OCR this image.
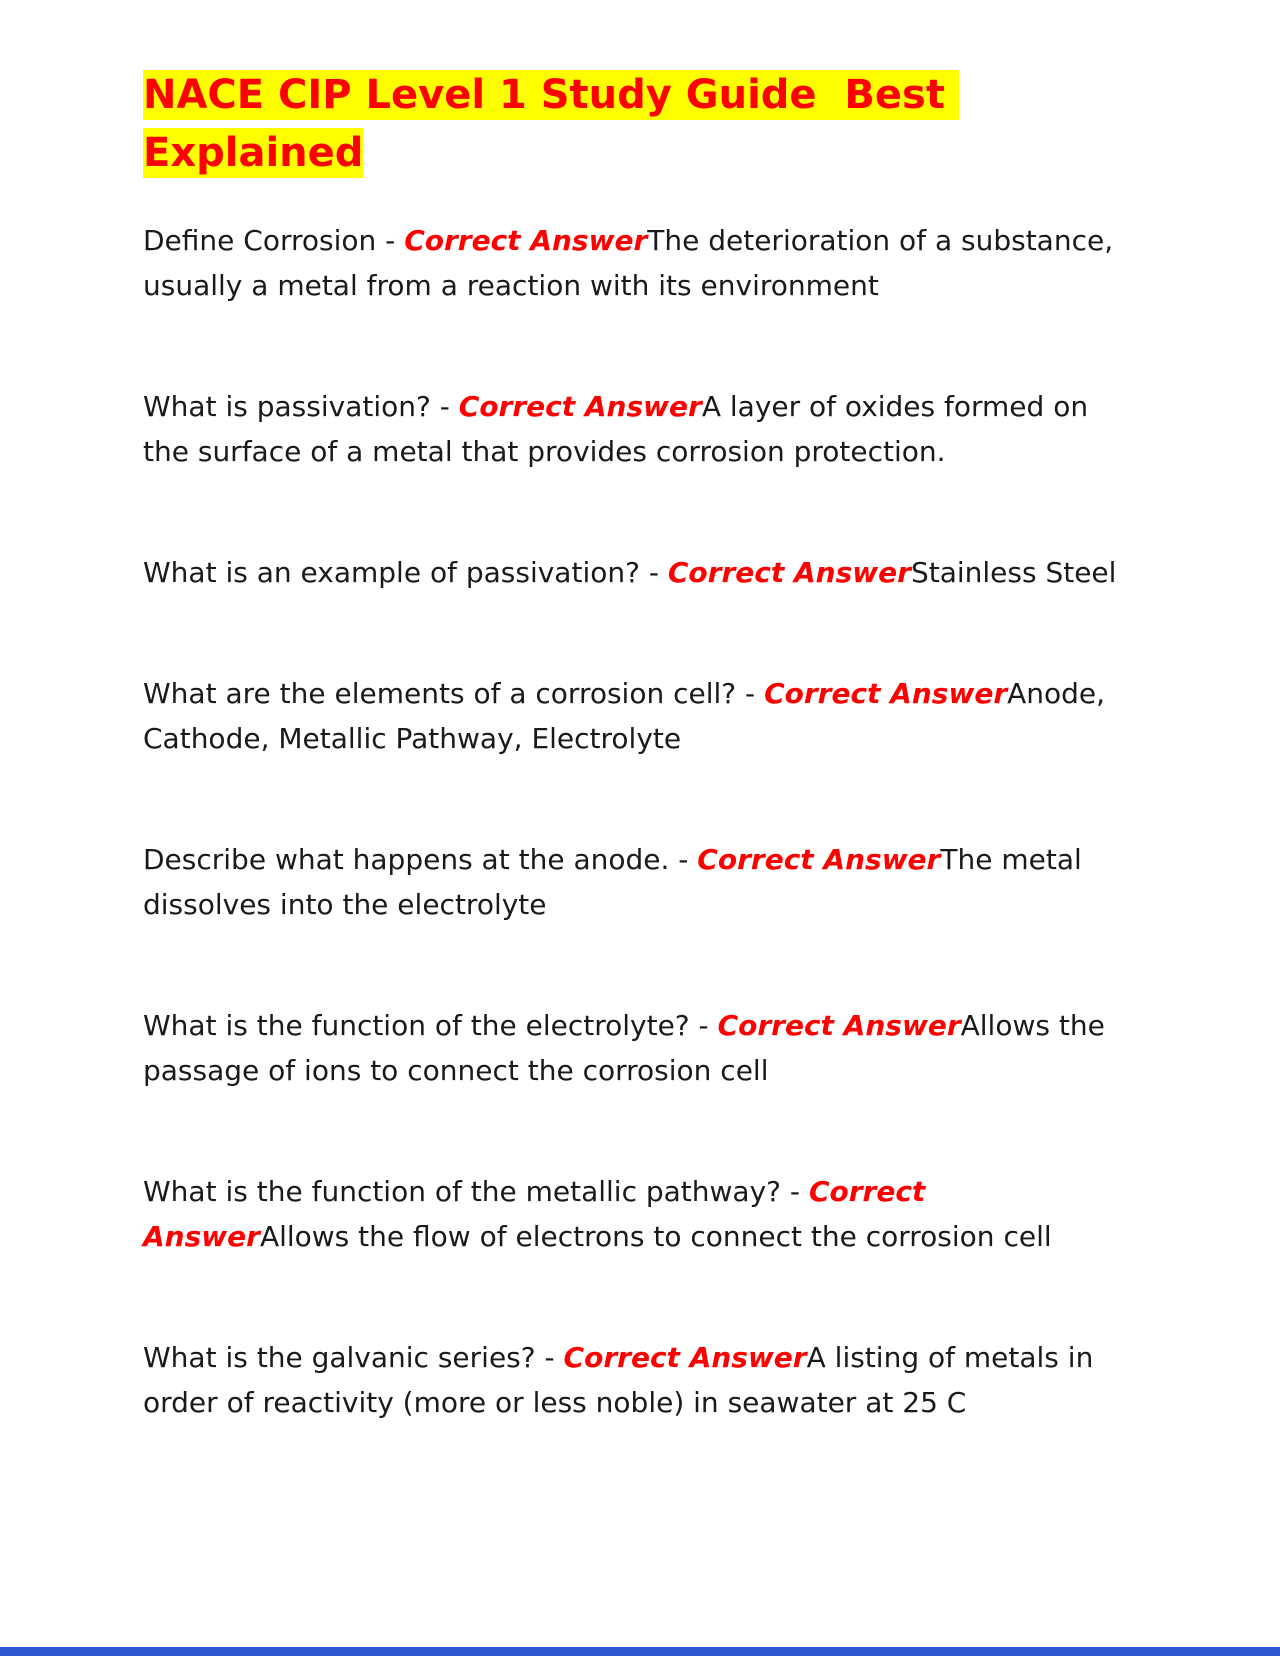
NACE CIP Level 1 Study Guide  Best Explained

Define Corrosion - Correct AnswerThe deterioration of a substance, usually a metal from a reaction with its environment

What is passivation? - Correct AnswerA layer of oxides formed on the surface of a metal that provides corrosion protection.

What is an example of passivation? - Correct AnswerStainless Steel

What are the elements of a corrosion cell? - Correct AnswerAnode, Cathode, Metallic Pathway, Electrolyte

Describe what happens at the anode. - Correct AnswerThe metal dissolves into the electrolyte

What is the function of the electrolyte? - Correct AnswerAllows the passage of ions to connect the corrosion cell

What is the function of the metallic pathway? - Correct AnswerAllows the flow of electrons to connect the corrosion cell

What is the galvanic series? - Correct AnswerA listing of metals in order of reactivity (more or less noble) in seawater at 25 C
